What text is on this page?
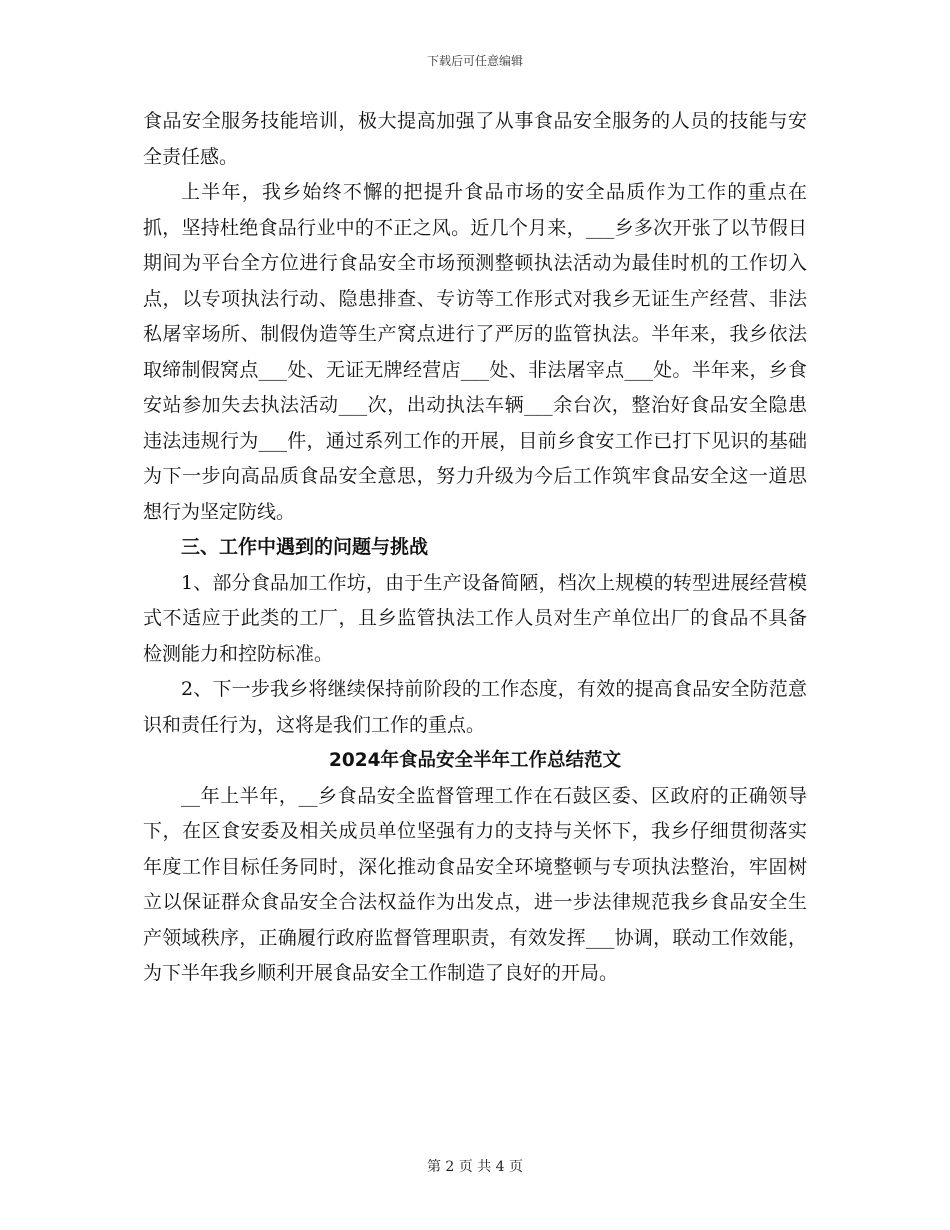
下载后可任意编辑

食品安全服务技能培训，极大提高加强了从事食品安全服务的人员的技能与安全责任感。

上半年，我乡始终不懈的把提升食品市场的安全品质作为工作的重点在抓，坚持杜绝食品行业中的不正之风。近几个月来，___乡多次开张了以节假日期间为平台全方位进行食品安全市场预测整顿执法活动为最佳时机的工作切入点，以专项执法行动、隐患排查、专访等工作形式对我乡无证生产经营、非法私屠宰场所、制假伪造等生产窝点进行了严厉的监管执法。半年来，我乡依法取缔制假窝点___处、无证无牌经营店___处、非法屠宰点___处。半年来，乡食安站参加失去执法活动___次，出动执法车辆___余台次，整治好食品安全隐患违法违规行为___件，通过系列工作的开展，目前乡食安工作已打下见识的基础为下一步向高品质食品安全意思，努力升级为今后工作筑牢食品安全这一道思想行为坚定防线。

三、工作中遇到的问题与挑战

1、部分食品加工作坊，由于生产设备简陋，档次上规模的转型进展经营模式不适应于此类的工厂，且乡监管执法工作人员对生产单位出厂的食品不具备检测能力和控防标准。

2、下一步我乡将继续保持前阶段的工作态度，有效的提高食品安全防范意识和责任行为，这将是我们工作的重点。

2024年食品安全半年工作总结范文

__年上半年，__乡食品安全监督管理工作在石鼓区委、区政府的正确领导下，在区食安委及相关成员单位坚强有力的支持与关怀下，我乡仔细贯彻落实年度工作目标任务同时，深化推动食品安全环境整顿与专项执法整治，牢固树立以保证群众食品安全合法权益作为出发点，进一步法律规范我乡食品安全生产领域秩序，正确履行政府监督管理职责，有效发挥___协调，联动工作效能，为下半年我乡顺利开展食品安全工作制造了良好的开局。

第 2 页 共 4 页
